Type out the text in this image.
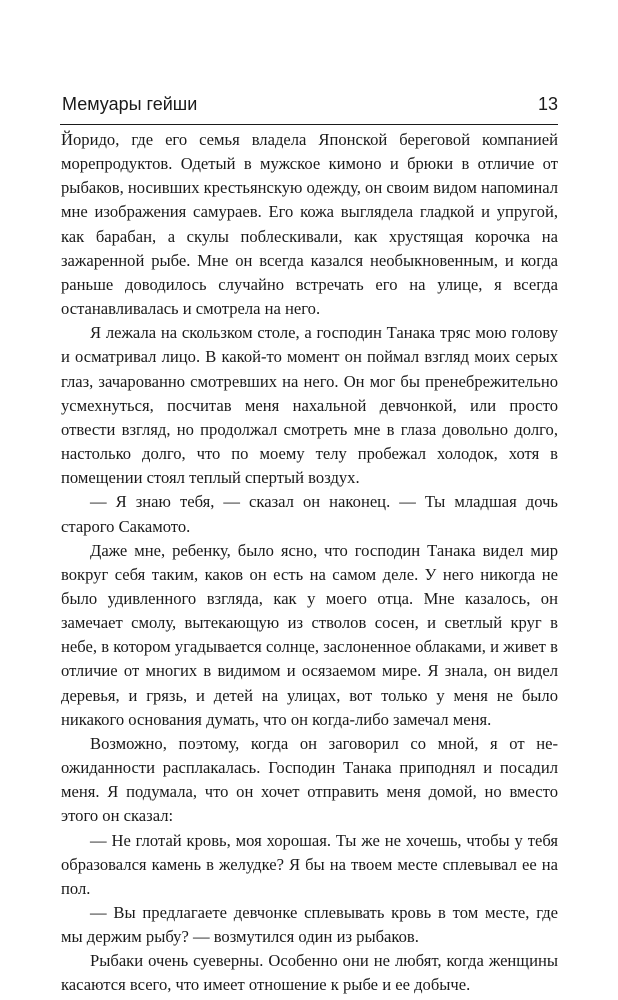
Мемуары гейши	13

Йоридо, где его семья владела Японской береговой компанией морепродуктов. Одетый в мужское кимоно и брюки в отличие от рыбаков, носивших крестьянскую одежду, он своим видом напоминал мне изображения самураев. Его кожа выглядела гладкой и упругой, как барабан, а скулы поблескивали, как хрустящая корочка на зажаренной рыбе. Мне он всегда казался необыкновенным, и когда раньше доводилось случайно встречать его на улице, я всегда останавливалась и смотрела на него.

Я лежала на скользком столе, а господин Танака тряс мою голову и осматривал лицо. В какой-то момент он поймал взгляд моих серых глаз, зачарованно смотревших на него. Он мог бы пренебрежительно усмехнуться, посчитав меня нахальной девчонкой, или просто отвести взгляд, но продолжал смотреть мне в глаза довольно долго, настолько долго, что по моему телу пробежал холодок, хотя в помещении стоял теплый спертый воздух.

— Я знаю тебя, — сказал он наконец. — Ты младшая дочь старого Сакамото.

Даже мне, ребенку, было ясно, что господин Танака видел мир вокруг себя таким, каков он есть на самом деле. У него никогда не было удивленного взгляда, как у моего отца. Мне казалось, он замечает смолу, вытекающую из стволов сосен, и светлый круг в небе, в котором угадывается солнце, заслоненное облаками, и живет в отличие от многих в видимом и осязаемом мире. Я знала, он видел деревья, и грязь, и детей на улицах, вот только у меня не было никакого основания думать, что он когда-либо замечал меня.

Возможно, поэтому, когда он заговорил со мной, я от неожиданности расплакалась. Господин Танака приподнял и посадил меня. Я подумала, что он хочет отправить меня домой, но вместо этого он сказал:

— Не глотай кровь, моя хорошая. Ты же не хочешь, чтобы у тебя образовался камень в желудке? Я бы на твоем месте сплевывал ее на пол.

— Вы предлагаете девчонке сплевывать кровь в том месте, где мы держим рыбу? — возмутился один из рыбаков.

Рыбаки очень суеверны. Особенно они не любят, когда женщины касаются всего, что имеет отношение к рыбе и ее добыче.
